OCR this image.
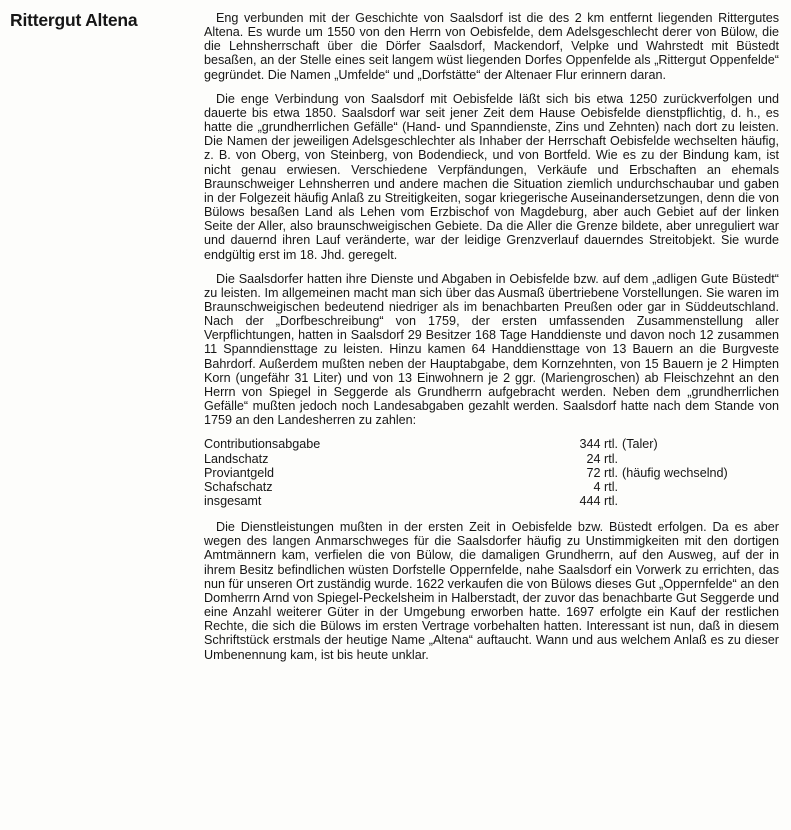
Rittergut Altena	Eng verbunden mit der Geschichte von Saalsdorf ist die des 2 km entfernt liegenden Rittergutes Altena. Es wurde um 1550 von den Herrn von Oebisfelde, dem Adelsgeschlecht derer von Bülow, die die Lehnsherrschaft über die Dörfer Saalsdorf, Mackendorf, Velpke und Wahrstedt mit Büstedt besaßen, an der Stelle eines seit langem wüst liegenden Dorfes Oppenfelde als „Rittergut Oppenfelde“ gegründet. Die Namen „Umfelde“ und „Dorfstätte“ der Altenaer Flur erinnern daran.

Die enge Verbindung von Saalsdorf mit Oebisfelde läßt sich bis etwa 1250 zurückverfolgen und dauerte bis etwa 1850. Saalsdorf war seit jener Zeit dem Hause Oebisfelde dienstpflichtig, d. h., es hatte die „grundherrlichen Gefälle“ (Hand- und Spanndienste, Zins und Zehnten) nach dort zu leisten. Die Namen der jeweiligen Adelsgeschlechter als Inhaber der Herrschaft Oebisfelde wechselten häufig, z. B. von Oberg, von Steinberg, von Bodendieck, und von Bortfeld. Wie es zu der Bindung kam, ist nicht genau erwiesen. Verschiedene Verpfändungen, Verkäufe und Erbschaften an ehemals Braunschweiger Lehnsherren und andere machen die Situation ziemlich undurchschaubar und gaben in der Folgezeit häufig Anlaß zu Streitigkeiten, sogar kriegerische Auseinandersetzungen, denn die von Bülows besaßen Land als Lehen vom Erzbischof von Magdeburg, aber auch Gebiet auf der linken Seite der Aller, also braunschweigischen Gebiete. Da die Aller die Grenze bildete, aber unreguliert war und dauernd ihren Lauf veränderte, war der leidige Grenzverlauf dauerndes Streitobjekt. Sie wurde endgültig erst im 18. Jhd. geregelt.

Die Saalsdorfer hatten ihre Dienste und Abgaben in Oebisfelde bzw. auf dem „adligen Gute Büstedt“ zu leisten. Im allgemeinen macht man sich über das Ausmaß übertriebene Vorstellungen. Sie waren im Braunschweigischen bedeutend niedriger als im benachbarten Preußen oder gar in Süddeutschland. Nach der „Dorfbeschreibung“ von 1759, der ersten umfassenden Zusammenstellung aller Verpflichtungen, hatten in Saalsdorf 29 Besitzer 168 Tage Handdienste und davon noch 12 zusammen 11 Spanndiensttage zu leisten. Hinzu kamen 64 Handdiensttage von 13 Bauern an die Burgveste Bahrdorf. Außerdem mußten neben der Hauptabgabe, dem Kornzehnten, von 15 Bauern je 2 Himpten Korn (ungefähr 31 Liter) und von 13 Einwohnern je 2 ggr. (Mariengroschen) ab Fleischzehnt an den Herrn von Spiegel in Seggerde als Grundherrn aufgebracht werden. Neben dem „grundherrlichen Gefälle“ mußten jedoch noch Landesabgaben gezahlt werden. Saalsdorf hatte nach dem Stande von 1759 an den Landesherren zu zahlen:

Contributionsabgabe	344 rtl.	(Taler)
Landschatz	24 rtl.	
Proviantgeld	72 rtl.	(häufig wechselnd)
Schafschatz	4 rtl.	
insgesamt	444 rtl.	

Die Dienstleistungen mußten in der ersten Zeit in Oebisfelde bzw. Büstedt erfolgen. Da es aber wegen des langen Anmarschweges für die Saalsdorfer häufig zu Unstimmigkeiten mit den dortigen Amtmännern kam, verfielen die von Bülow, die damaligen Grundherrn, auf den Ausweg, auf der in ihrem Besitz befindlichen wüsten Dorfstelle Oppernfelde, nahe Saalsdorf ein Vorwerk zu errichten, das nun für unseren Ort zuständig wurde. 1622 verkaufen die von Bülows dieses Gut „Oppernfelde“ an den Domherrn Arnd von Spiegel-Peckelsheim in Halberstadt, der zuvor das benachbarte Gut Seggerde und eine Anzahl weiterer Güter in der Umgebung erworben hatte. 1697 erfolgte ein Kauf der restlichen Rechte, die sich die Bülows im ersten Vertrage vorbehalten hatten. Interessant ist nun, daß in diesem Schriftstück erstmals der heutige Name „Altena“ auftaucht. Wann und aus welchem Anlaß es zu dieser Umbenennung kam, ist bis heute unklar.
